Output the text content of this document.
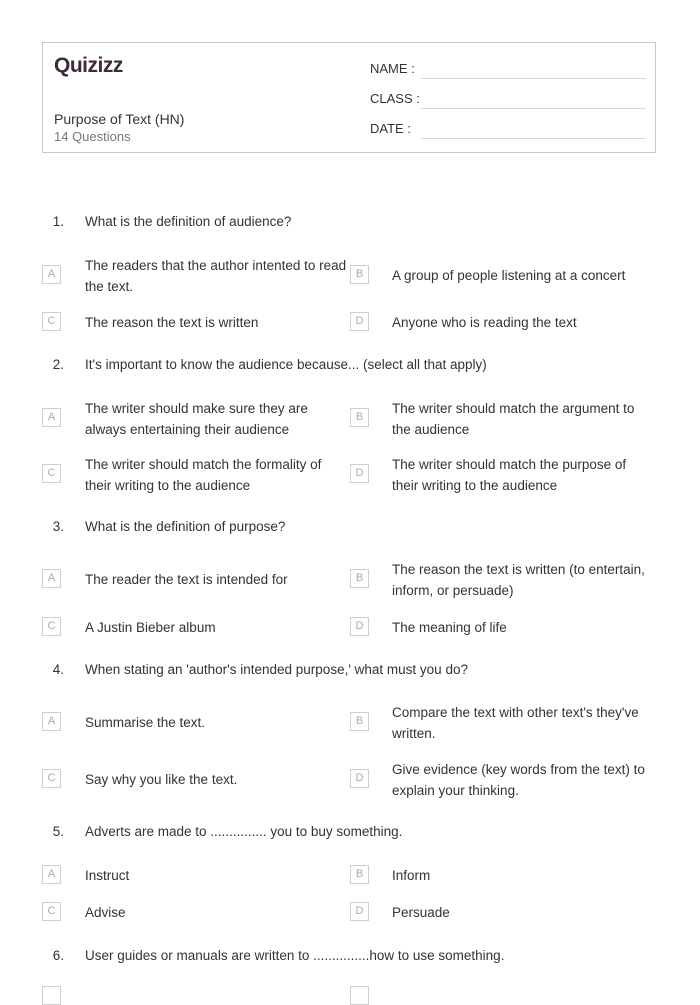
Quizizz
Purpose of Text (HN)
14 Questions
NAME :
CLASS :
DATE :
1. What is the definition of audience?
A
The readers that the author intented to read the text.
B	A group of people listening at a concert
C	The reason the text is written	D	Anyone who is reading the text
2. It's important to know the audience because... (select all that apply)
A
The writer should make sure they are always entertaining their audience
B
The writer should match the argument to the audience
C
The writer should match the formality of their writing to the audience
D
The writer should match the purpose of their writing to the audience
3. What is the definition of purpose?
A	The reader the text is intended for	B
The reason the text is written (to entertain, inform, or persuade)
C	A Justin Bieber album	D	The meaning of life
4. When stating an 'author's intended purpose,' what must you do?
A	Summarise the text.	B
Compare the text with other text's they've written.
C	Say why you like the text.	D
Give evidence (key words from the text) to explain your thinking.
5. Adverts are made to ............... you to buy something.
A	Instruct	B	Inform
C	Advise	D	Persuade
6. User guides or manuals are written to ...............how to use something.
